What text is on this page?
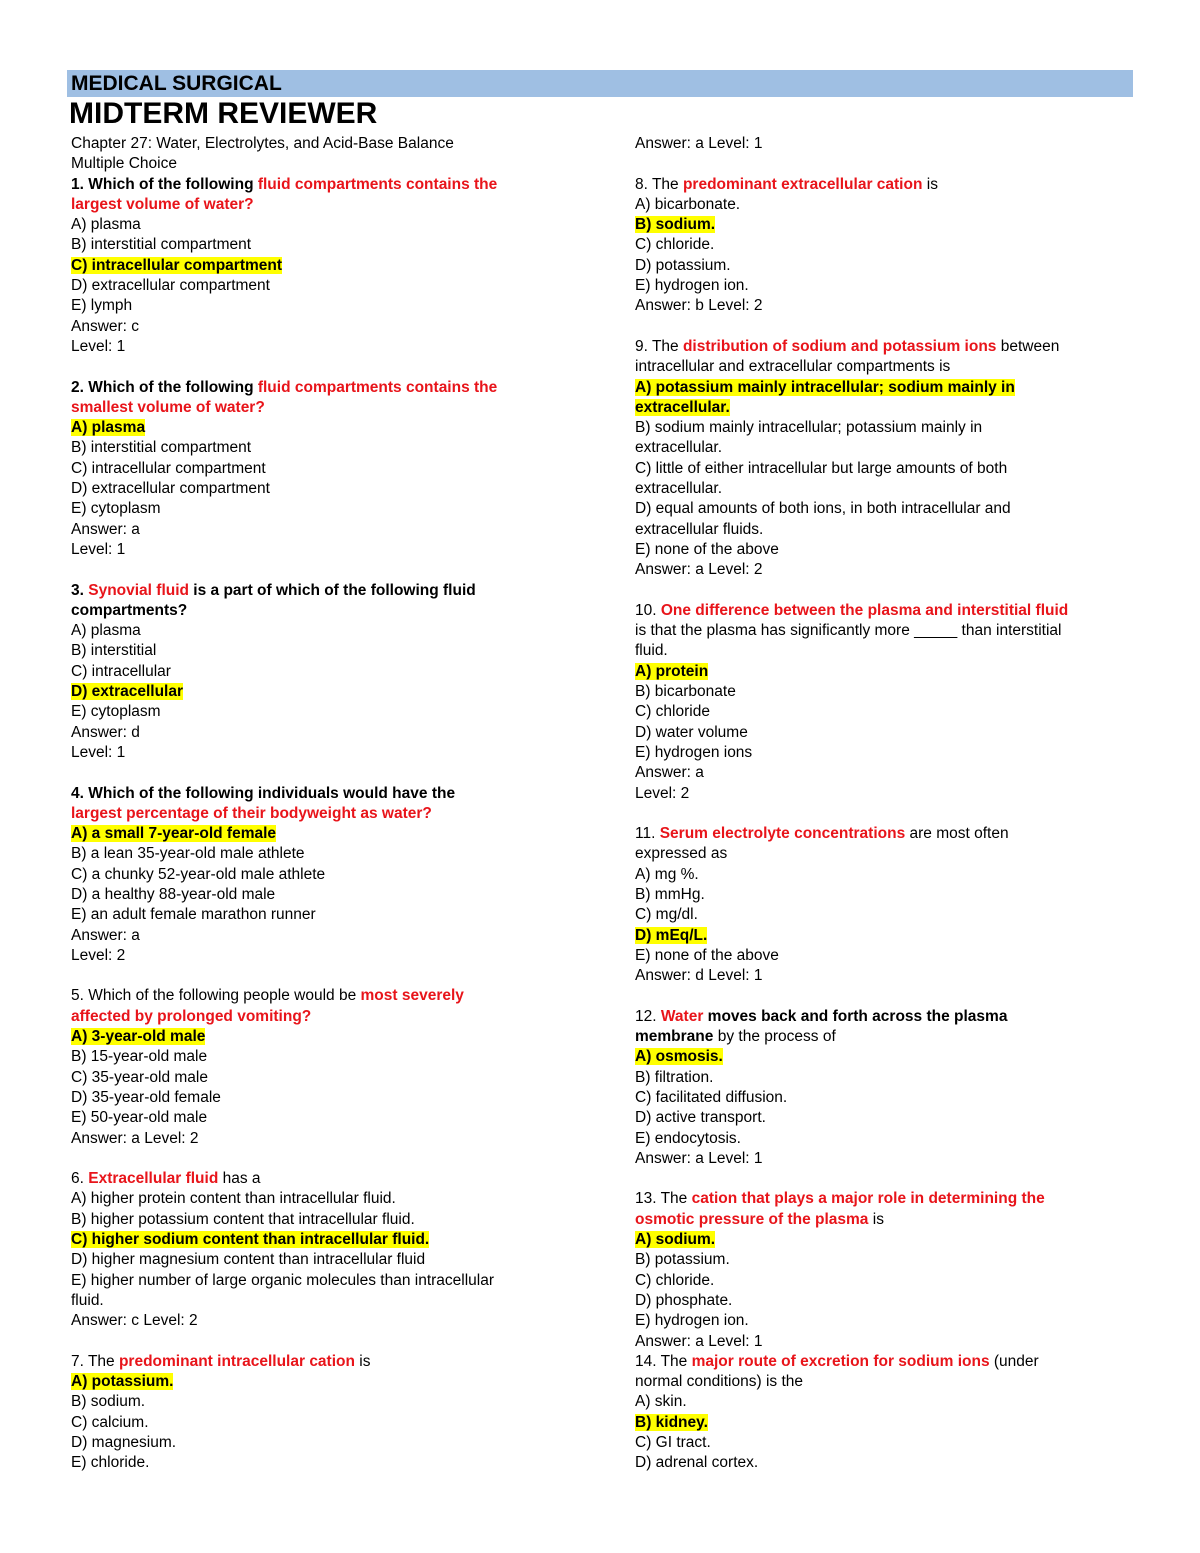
MEDICAL SURGICAL
MIDTERM REVIEWER
Chapter 27: Water, Electrolytes, and Acid-Base Balance
Multiple Choice
1. Which of the following fluid compartments contains the
largest volume of water?
A) plasma
B) interstitial compartment
C) intracellular compartment
D) extracellular compartment
E) lymph
Answer: c
Level: 1
2. Which of the following fluid compartments contains the
smallest volume of water?
A) plasma
B) interstitial compartment
C) intracellular compartment
D) extracellular compartment
E) cytoplasm
Answer: a
Level: 1
3. Synovial fluid is a part of which of the following fluid
compartments?
A) plasma
B) interstitial
C) intracellular
D) extracellular
E) cytoplasm
Answer: d
Level: 1
4. Which of the following individuals would have the
largest percentage of their bodyweight as water?
A) a small 7-year-old female
B) a lean 35-year-old male athlete
C) a chunky 52-year-old male athlete
D) a healthy 88-year-old male
E) an adult female marathon runner
Answer: a
Level: 2
5. Which of the following people would be most severely
affected by prolonged vomiting?
A) 3-year-old male
B) 15-year-old male
C) 35-year-old male
D) 35-year-old female
E) 50-year-old male
Answer: a Level: 2
6. Extracellular fluid has a
A) higher protein content than intracellular fluid.
B) higher potassium content that intracellular fluid.
C) higher sodium content than intracellular fluid.
D) higher magnesium content than intracellular fluid
E) higher number of large organic molecules than intracellular
fluid.
Answer: c Level: 2
7. The predominant intracellular cation is
A) potassium.
B) sodium.
C) calcium.
D) magnesium.
E) chloride.
Answer: a Level: 1
8. The predominant extracellular cation is
A) bicarbonate.
B) sodium.
C) chloride.
D) potassium.
E) hydrogen ion.
Answer: b Level: 2
9. The distribution of sodium and potassium ions between
intracellular and extracellular compartments is
A) potassium mainly intracellular; sodium mainly in
extracellular.
B) sodium mainly intracellular; potassium mainly in
extracellular.
C) little of either intracellular but large amounts of both
extracellular.
D) equal amounts of both ions, in both intracellular and
extracellular fluids.
E) none of the above
Answer: a Level: 2
10. One difference between the plasma and interstitial fluid
is that the plasma has significantly more _____ than interstitial
fluid.
A) protein
B) bicarbonate
C) chloride
D) water volume
E) hydrogen ions
Answer: a
Level: 2
11. Serum electrolyte concentrations are most often
expressed as
A) mg %.
B) mmHg.
C) mg/dl.
D) mEq/L.
E) none of the above
Answer: d Level: 1
12. Water moves back and forth across the plasma
membrane by the process of
A) osmosis.
B) filtration.
C) facilitated diffusion.
D) active transport.
E) endocytosis.
Answer: a Level: 1
13. The cation that plays a major role in determining the
osmotic pressure of the plasma is
A) sodium.
B) potassium.
C) chloride.
D) phosphate.
E) hydrogen ion.
Answer: a Level: 1
14. The major route of excretion for sodium ions (under
normal conditions) is the
A) skin.
B) kidney.
C) GI tract.
D) adrenal cortex.
